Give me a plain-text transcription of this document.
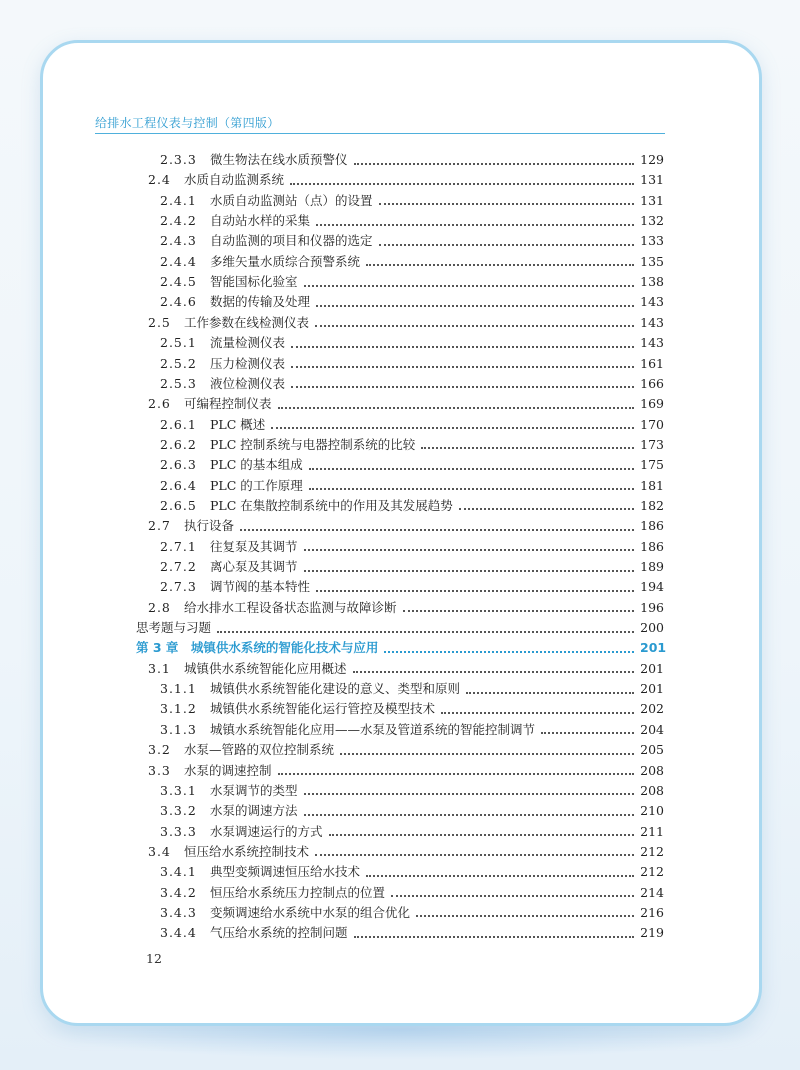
给排水工程仪表与控制（第四版）
2.3.3	微生物法在线水质预警仪	129
2.4	水质自动监测系统	131
2.4.1	水质自动监测站（点）的设置	131
2.4.2	自动站水样的采集	132
2.4.3	自动监测的项目和仪器的选定	133
2.4.4	多维矢量水质综合预警系统	135
2.4.5	智能国标化验室	138
2.4.6	数据的传输及处理	143
2.5	工作参数在线检测仪表	143
2.5.1	流量检测仪表	143
2.5.2	压力检测仪表	161
2.5.3	液位检测仪表	166
2.6	可编程控制仪表	169
2.6.1	PLC 概述	170
2.6.2	PLC 控制系统与电器控制系统的比较	173
2.6.3	PLC 的基本组成	175
2.6.4	PLC 的工作原理	181
2.6.5	PLC 在集散控制系统中的作用及其发展趋势	182
2.7	执行设备	186
2.7.1	往复泵及其调节	186
2.7.2	离心泵及其调节	189
2.7.3	调节阀的基本特性	194
2.8	给水排水工程设备状态监测与故障诊断	196
思考题与习题	200
第 3 章　城镇供水系统的智能化技术与应用	201
3.1	城镇供水系统智能化应用概述	201
3.1.1	城镇供水系统智能化建设的意义、类型和原则	201
3.1.2	城镇供水系统智能化运行管控及模型技术	202
3.1.3	城镇水系统智能化应用——水泵及管道系统的智能控制调节	204
3.2	水泵—管路的双位控制系统	205
3.3	水泵的调速控制	208
3.3.1	水泵调节的类型	208
3.3.2	水泵的调速方法	210
3.3.3	水泵调速运行的方式	211
3.4	恒压给水系统控制技术	212
3.4.1	典型变频调速恒压给水技术	212
3.4.2	恒压给水系统压力控制点的位置	214
3.4.3	变频调速给水系统中水泵的组合优化	216
3.4.4	气压给水系统的控制问题	219
12
